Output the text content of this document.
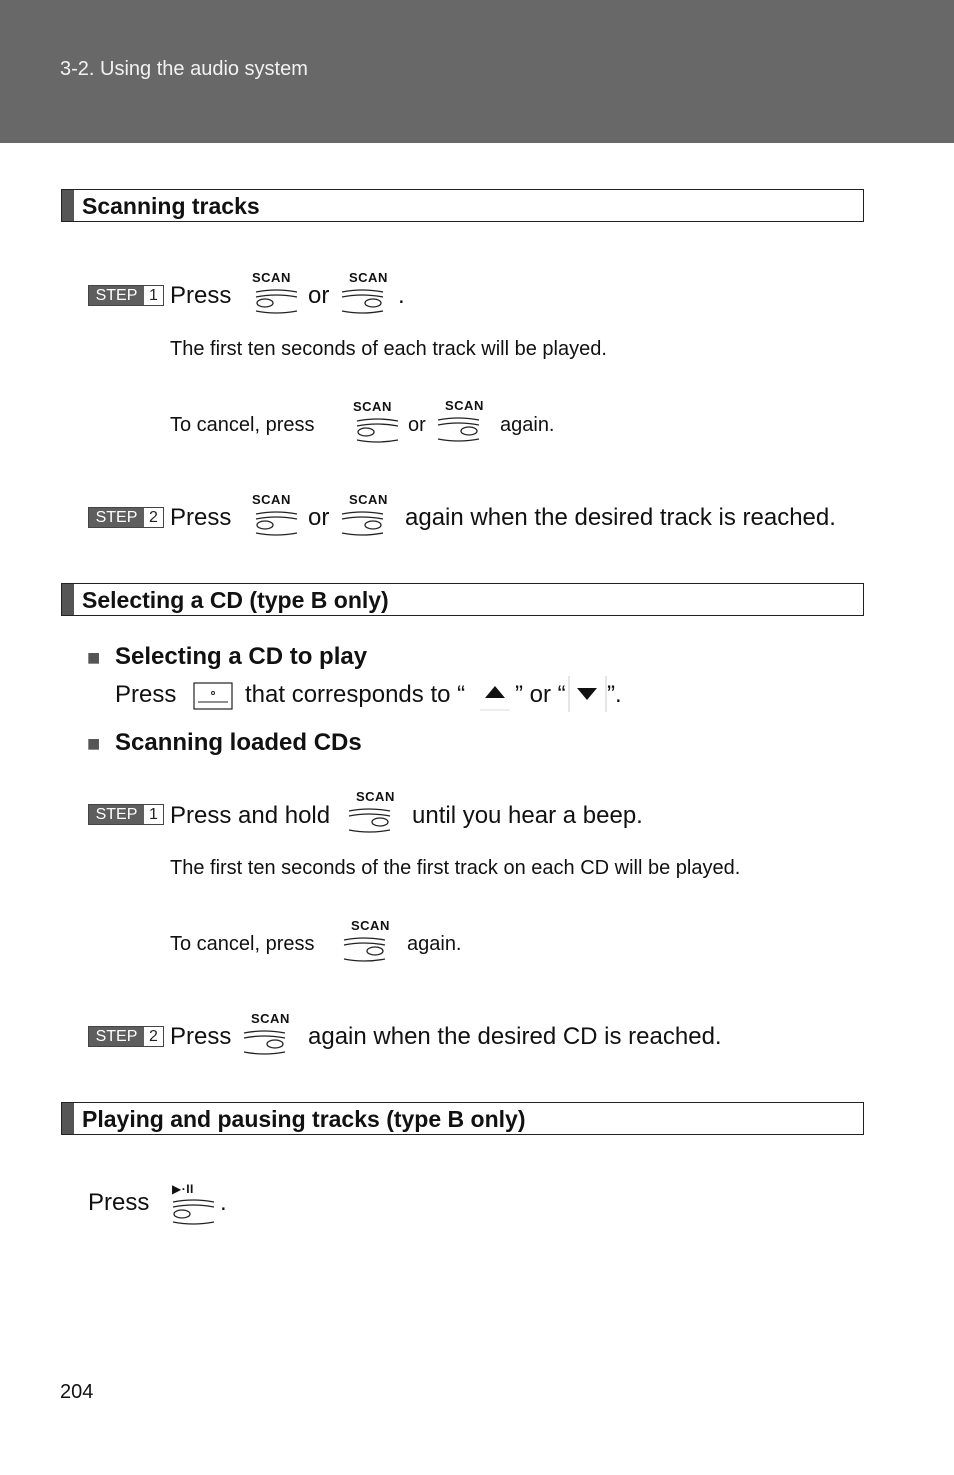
3-2. Using the audio system
Scanning tracks
STEP 1 Press
SCAN
or
SCAN
.
The first ten seconds of each track will be played.
To cancel, press
SCAN
or
SCAN
again.
STEP 2 Press
SCAN
or
SCAN
again when the desired track is reached.
Selecting a CD (type B only)
■ Selecting a CD to play
Press	that corresponds to “ ” or “ ”.
■ Scanning loaded CDs
STEP 1 Press and hold
SCAN
until you hear a beep.
The first ten seconds of the first track on each CD will be played.
To cancel, press
SCAN
again.
STEP 2 Press
SCAN
again when the desired CD is reached.
Playing and pausing tracks (type B only)
Press ▶·II .
204
